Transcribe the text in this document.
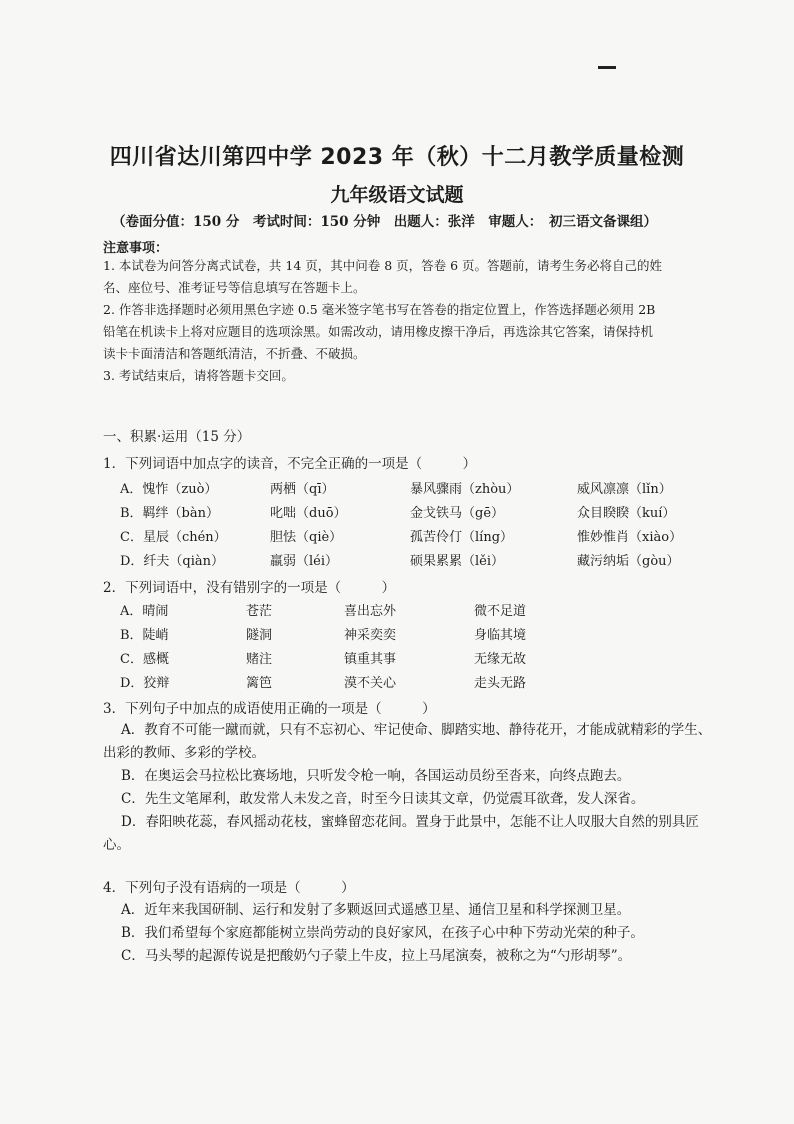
四川省达川第四中学 2023 年（秋）十二月教学质量检测
九年级语文试题
（卷面分值：150 分　考试时间：150 分钟　出题人：张洋　审题人：　初三语文备课组）
注意事项：

1. 本试卷为问答分离式试卷，共 14 页，其中问卷 8 页，答卷 6 页。答题前，请考生务必将自己的姓

名、座位号、准考证号等信息填写在答题卡上。

2. 作答非选择题时必须用黑色字迹 0.5 毫米签字笔书写在答卷的指定位置上，作答选择题必须用 2B

铅笔在机读卡上将对应题目的选项涂黑。如需改动，请用橡皮擦干净后，再选涂其它答案，请保持机

读卡卡面清洁和答题纸清洁，不折叠、不破损。

3. 考试结束后，请将答题卡交回。

一、积累·运用（15 分）
1．下列词语中加点字的读音，不完全正确的一项是（　　　）
A．愧怍（zuò）	两栖（qī）	暴风骤雨（zhòu）	威风凛凛（lǐn）
B．羁绊（bàn）	叱咄（duō）	金戈铁马（gē）	众目睽睽（kuí）
C．星辰（chén）	胆怯（qiè）	孤苦伶仃（líng）	惟妙惟肖（xiào）
D．纤夫（qiàn）	羸弱（léi）	硕果累累（lěi）	藏污纳垢（gòu）
2．下列词语中，没有错别字的一项是（　　　）
A．晴闹	苍茫	喜出忘外	微不足道
B．陡峭	隧洞	神采奕奕	身临其境
C．感概	赌注	镇重其事	无缘无故
D．狡辩	篱笆	漠不关心	走头无路
3．下列句子中加点的成语使用正确的一项是（　　　）

A．教育不可能一蹴而就，只有不忘初心、牢记使命、脚踏实地、静待花开，才能成就精彩的学生、

出彩的教师、多彩的学校。

B．在奥运会马拉松比赛场地，只听发令枪一响，各国运动员纷至沓来，向终点跑去。

C．先生文笔犀利，敢发常人未发之音，时至今日读其文章，仍觉震耳欲聋，发人深省。

D．春阳映花蕊，春风摇动花枝，蜜蜂留恋花间。置身于此景中，怎能不让人叹服大自然的别具匠

心。

4．下列句子没有语病的一项是（　　　）

A．近年来我国研制、运行和发射了多颗返回式遥感卫星、通信卫星和科学探测卫星。

B．我们希望每个家庭都能树立崇尚劳动的良好家风，在孩子心中种下劳动光荣的种子。

C．马头琴的起源传说是把酸奶勺子蒙上牛皮，拉上马尾演奏，被称之为“勺形胡琴”。
